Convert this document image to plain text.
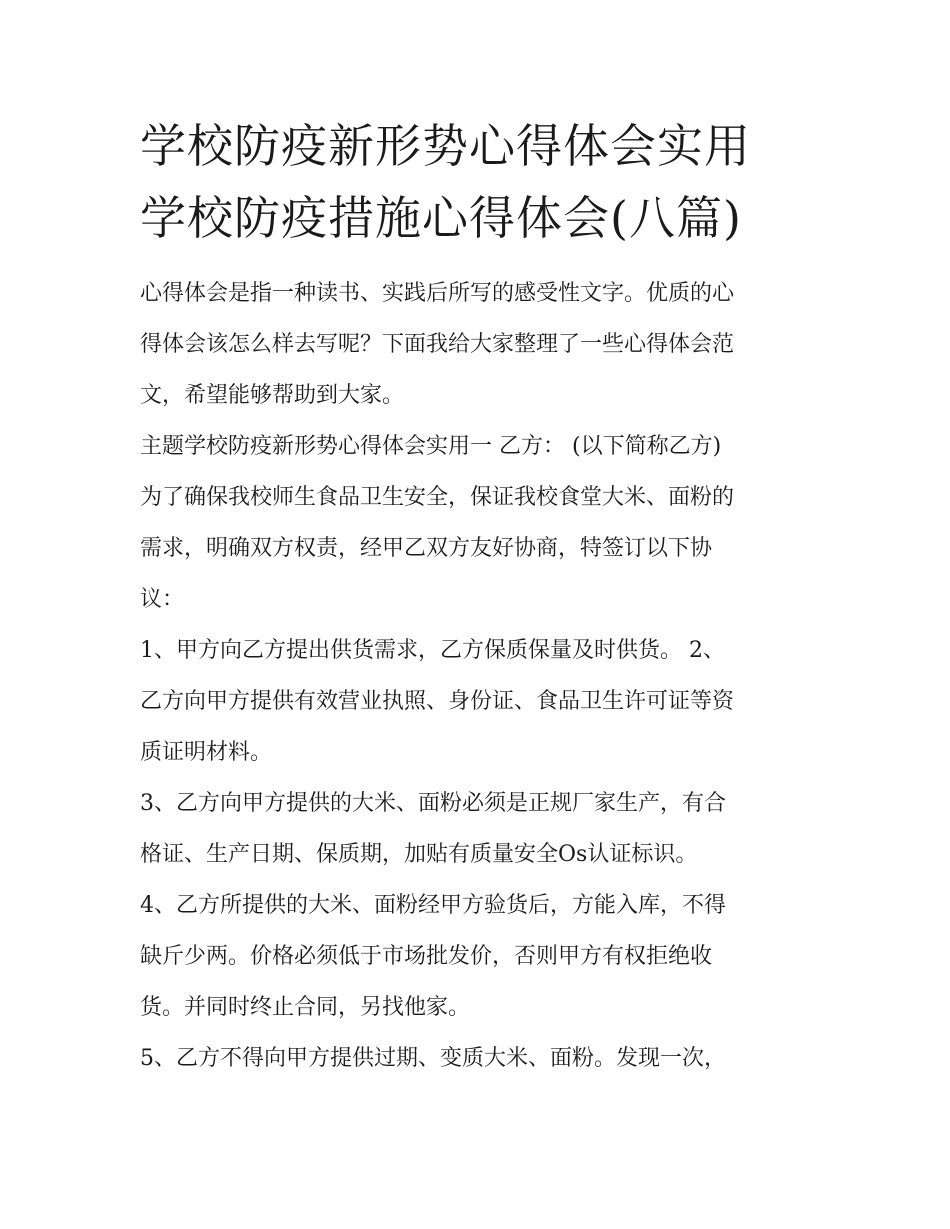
学校防疫新形势心得体会实用
学校防疫措施心得体会(八篇)

心得体会是指一种读书、实践后所写的感受性文字。优质的心
得体会该怎么样去写呢？下面我给大家整理了一些心得体会范
文，希望能够帮助到大家。

主题学校防疫新形势心得体会实用一 乙方： (以下简称乙方)
为了确保我校师生食品卫生安全，保证我校食堂大米、面粉的
需求，明确双方权责，经甲乙双方友好协商，特签订以下协
议：

1、甲方向乙方提出供货需求，乙方保质保量及时供货。 2、
乙方向甲方提供有效营业执照、身份证、食品卫生许可证等资
质证明材料。

3、乙方向甲方提供的大米、面粉必须是正规厂家生产，有合
格证、生产日期、保质期，加贴有质量安全Os认证标识。

4、乙方所提供的大米、面粉经甲方验货后，方能入库，不得
缺斤少两。价格必须低于市场批发价，否则甲方有权拒绝收
货。并同时终止合同，另找他家。

5、乙方不得向甲方提供过期、变质大米、面粉。发现一次，
